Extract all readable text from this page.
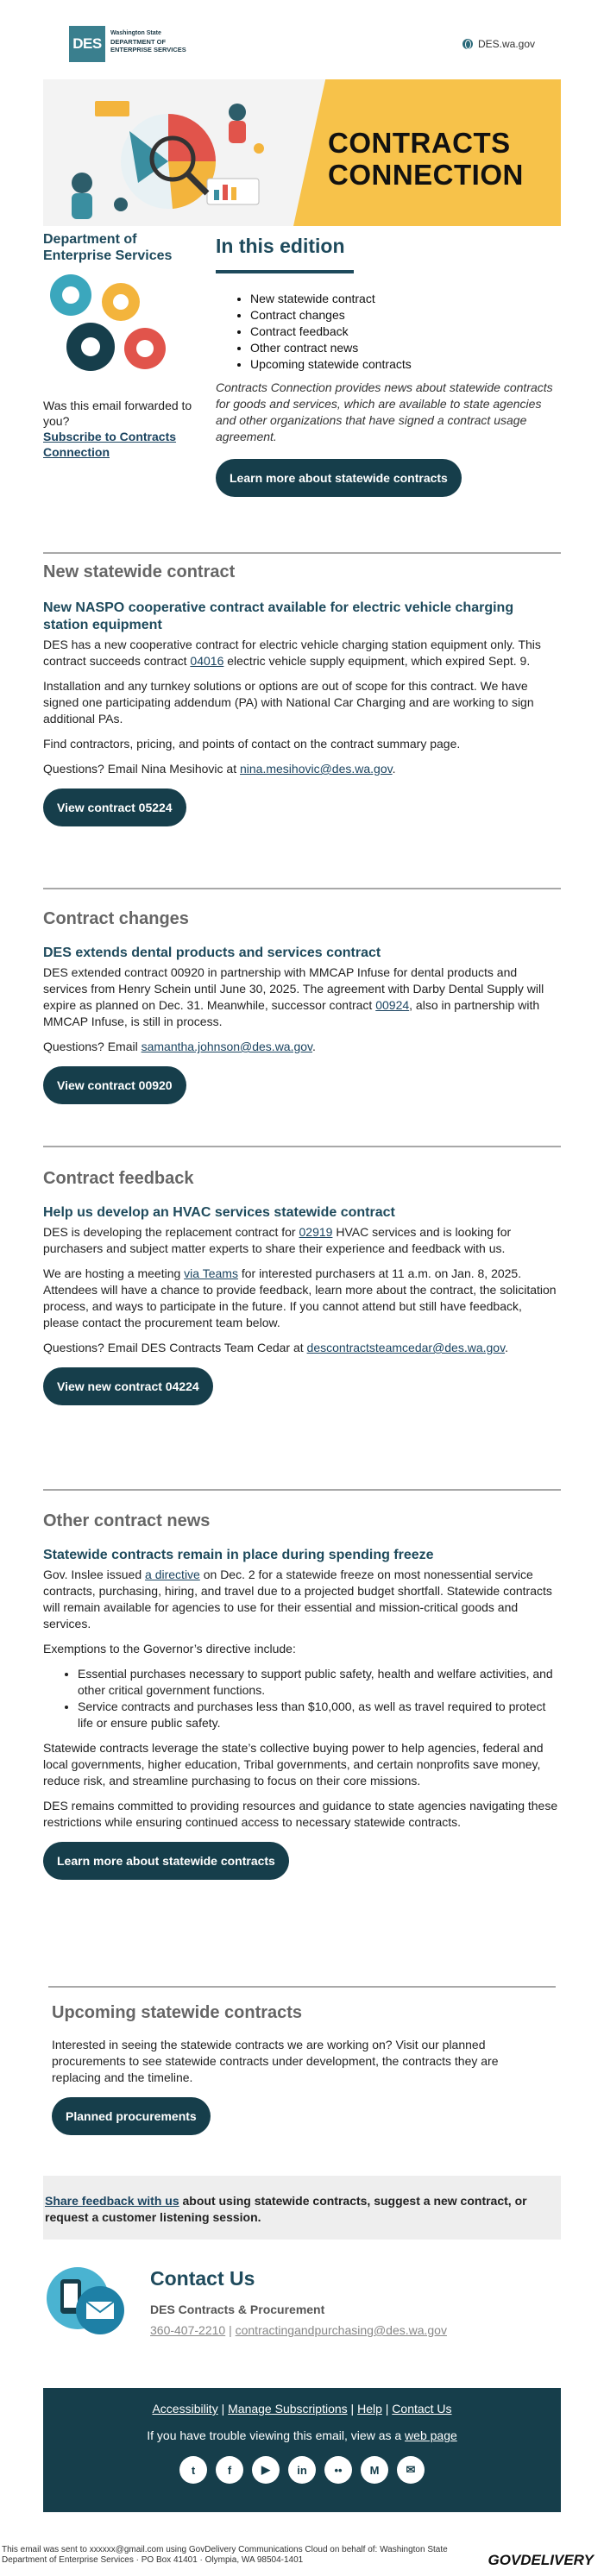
DES
Washington State
DEPARTMENT OF
ENTERPRISE SERVICES	DES.wa.gov
CONTRACTS
CONNECTION
Department of
Enterprise Services
Was this email forwarded to you?
Subscribe to Contracts Connection
In this edition
• New statewide contract
• Contract changes
• Contract feedback
• Other contract news
• Upcoming statewide contracts

Contracts Connection provides news about statewide contracts for goods and services, which are available to state agencies and other organizations that have signed a contract usage agreement.

Learn more about statewide contracts
New statewide contract
New NASPO cooperative contract available for electric vehicle charging station equipment

DES has a new cooperative contract for electric vehicle charging station equipment only. This contract succeeds contract 04016 electric vehicle supply equipment, which expired Sept. 9.

Installation and any turnkey solutions or options are out of scope for this contract. We have signed one participating addendum (PA) with National Car Charging and are working to sign additional PAs.

Find contractors, pricing, and points of contact on the contract summary page.

Questions? Email Nina Mesihovic at nina.mesihovic@des.wa.gov.

View contract 05224
Contract changes
DES extends dental products and services contract

DES extended contract 00920 in partnership with MMCAP Infuse for dental products and services from Henry Schein until June 30, 2025. The agreement with Darby Dental Supply will expire as planned on Dec. 31. Meanwhile, successor contract 00924, also in partnership with MMCAP Infuse, is still in process.

Questions? Email samantha.johnson@des.wa.gov.

View contract 00920
Contract feedback
Help us develop an HVAC services statewide contract

DES is developing the replacement contract for 02919 HVAC services and is looking for purchasers and subject matter experts to share their experience and feedback with us.

We are hosting a meeting via Teams for interested purchasers at 11 a.m. on Jan. 8, 2025. Attendees will have a chance to provide feedback, learn more about the contract, the solicitation process, and ways to participate in the future. If you cannot attend but still have feedback, please contact the procurement team below.

Questions? Email DES Contracts Team Cedar at descontractsteamcedar@des.wa.gov.

View new contract 04224
Other contract news
Statewide contracts remain in place during spending freeze

Gov. Inslee issued a directive on Dec. 2 for a statewide freeze on most nonessential service contracts, purchasing, hiring, and travel due to a projected budget shortfall. Statewide contracts will remain available for agencies to use for their essential and mission-critical goods and services.

Exemptions to the Governor’s directive include:

• Essential purchases necessary to support public safety, health and welfare activities, and other critical government functions.
• Service contracts and purchases less than $10,000, as well as travel required to protect life or ensure public safety.

Statewide contracts leverage the state’s collective buying power to help agencies, federal and local governments, higher education, Tribal governments, and certain nonprofits save money, reduce risk, and streamline purchasing to focus on their core missions.

DES remains committed to providing resources and guidance to state agencies navigating these restrictions while ensuring continued access to necessary statewide contracts.

Learn more about statewide contracts
Upcoming statewide contracts

Interested in seeing the statewide contracts we are working on? Visit our planned procurements to see statewide contracts under development, the contracts they are replacing and the timeline.

Planned procurements

Share feedback with us about using statewide contracts, suggest a new contract, or request a customer listening session.

Contact Us
DES Contracts & Procurement
360-407-2210 | contractingandpurchasing@des.wa.gov
Accessibility | Manage Subscriptions | Help | Contact Us
If you have trouble viewing this email, view as a web page
t	f	▶	in	••	M	✉
This email was sent to xxxxxx@gmail.com using GovDelivery Communications Cloud on behalf of: Washington State Department of Enterprise Services · PO Box 41401 · Olympia, WA 98504-1401	GOVDELIVERY
